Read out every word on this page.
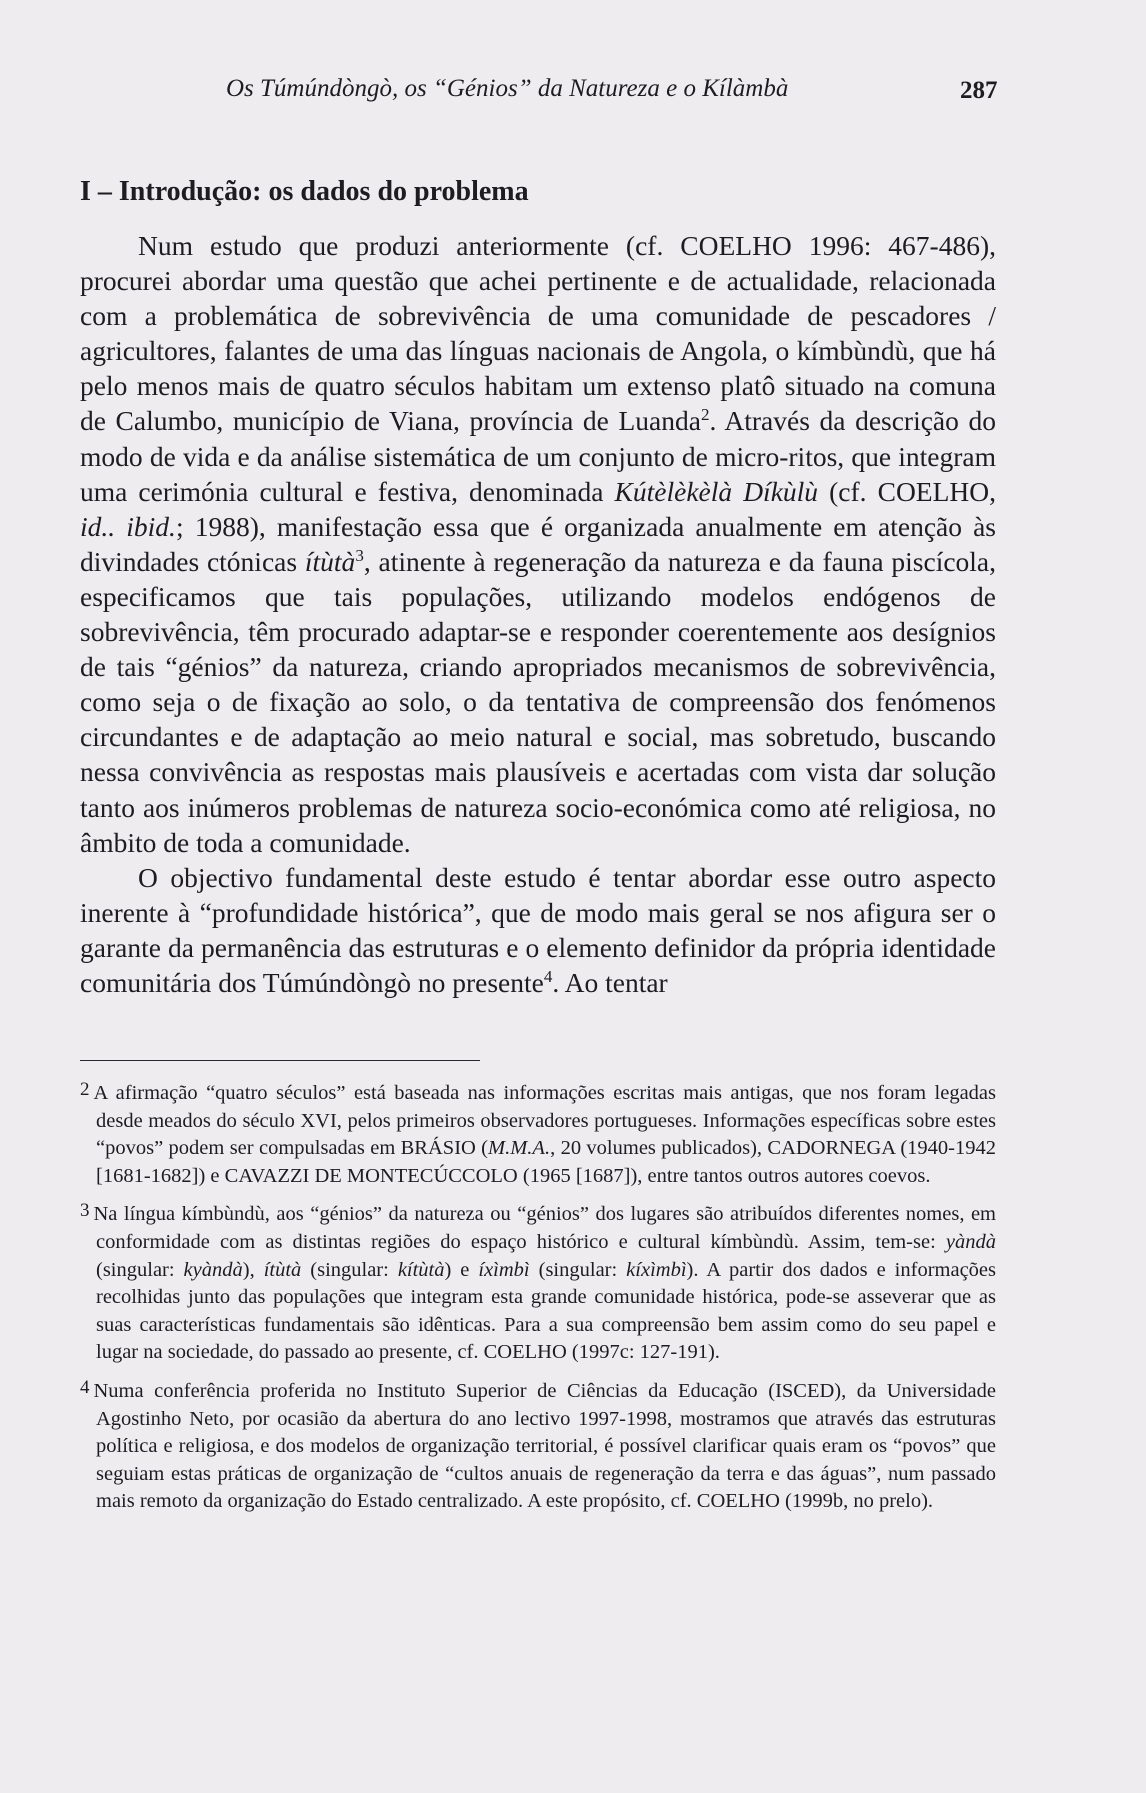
Os Túmúndòngò, os “Génios” da Natureza e o Kílàmbà	287
I – Introdução: os dados do problema

Num estudo que produzi anteriormente (cf. COELHO 1996: 467-486), procurei abordar uma questão que achei pertinente e de actualidade, relacionada com a problemática de sobrevivência de uma comunidade de pescadores / agricultores, falantes de uma das línguas nacionais de Angola, o kímbùndù, que há pelo menos mais de quatro séculos habitam um extenso platô situado na comuna de Calumbo, município de Viana, província de Luanda$^2$. Através da descrição do modo de vida e da análise sistemática de um conjunto de micro-ritos, que integram uma cerimónia cultural e festiva, denominada Kútèlèkèlà Díkùlù (cf. COELHO, id.. ibid.; 1988), manifestação essa que é organizada anualmente em atenção às divindades ctónicas ítùtà$^3$, atinente à regeneração da natureza e da fauna piscícola, especificamos que tais populações, utilizando modelos endógenos de sobrevivência, têm procurado adaptar-se e responder coerentemente aos desígnios de tais “génios” da natureza, criando apropriados mecanismos de sobrevivência, como seja o de fixação ao solo, o da tentativa de compreensão dos fenómenos circundantes e de adaptação ao meio natural e social, mas sobretudo, buscando nessa convivência as respostas mais plausíveis e acertadas com vista dar solução tanto aos inúmeros problemas de natureza socio-económica como até religiosa, no âmbito de toda a comunidade.

O objectivo fundamental deste estudo é tentar abordar esse outro aspecto inerente à “profundidade histórica”, que de modo mais geral se nos afigura ser o garante da permanência das estruturas e o elemento definidor da própria identidade comunitária dos Túmúndòngò no presente$^4$. Ao tentar

2 A afirmação “quatro séculos” está baseada nas informações escritas mais antigas, que nos foram legadas desde meados do século XVI, pelos primeiros observadores portugueses. Informações específicas sobre estes “povos” podem ser compulsadas em BRÁSIO (M.M.A., 20 volumes publicados), CADORNEGA (1940-1942 [1681-1682]) e CAVAZZI DE MONTECÚCCOLO (1965 [1687]), entre tantos outros autores coevos.

3 Na língua kímbùndù, aos “génios” da natureza ou “génios” dos lugares são atribuídos diferentes nomes, em conformidade com as distintas regiões do espaço histórico e cultural kímbùndù. Assim, tem-se: yàndà (singular: kyàndà), ítùtà (singular: kítùtà) e íxìmbì (singular: kíxìmbì). A partir dos dados e informações recolhidas junto das populações que integram esta grande comunidade histórica, pode-se asseverar que as suas características fundamentais são idênticas. Para a sua compreensão bem assim como do seu papel e lugar na sociedade, do passado ao presente, cf. COELHO (1997c: 127-191).

4 Numa conferência proferida no Instituto Superior de Ciências da Educação (ISCED), da Universidade Agostinho Neto, por ocasião da abertura do ano lectivo 1997-1998, mostramos que através das estruturas política e religiosa, e dos modelos de organização territorial, é possível clarificar quais eram os “povos” que seguiam estas práticas de organização de “cultos anuais de regeneração da terra e das águas”, num passado mais remoto da organização do Estado centralizado. A este propósito, cf. COELHO (1999b, no prelo).
